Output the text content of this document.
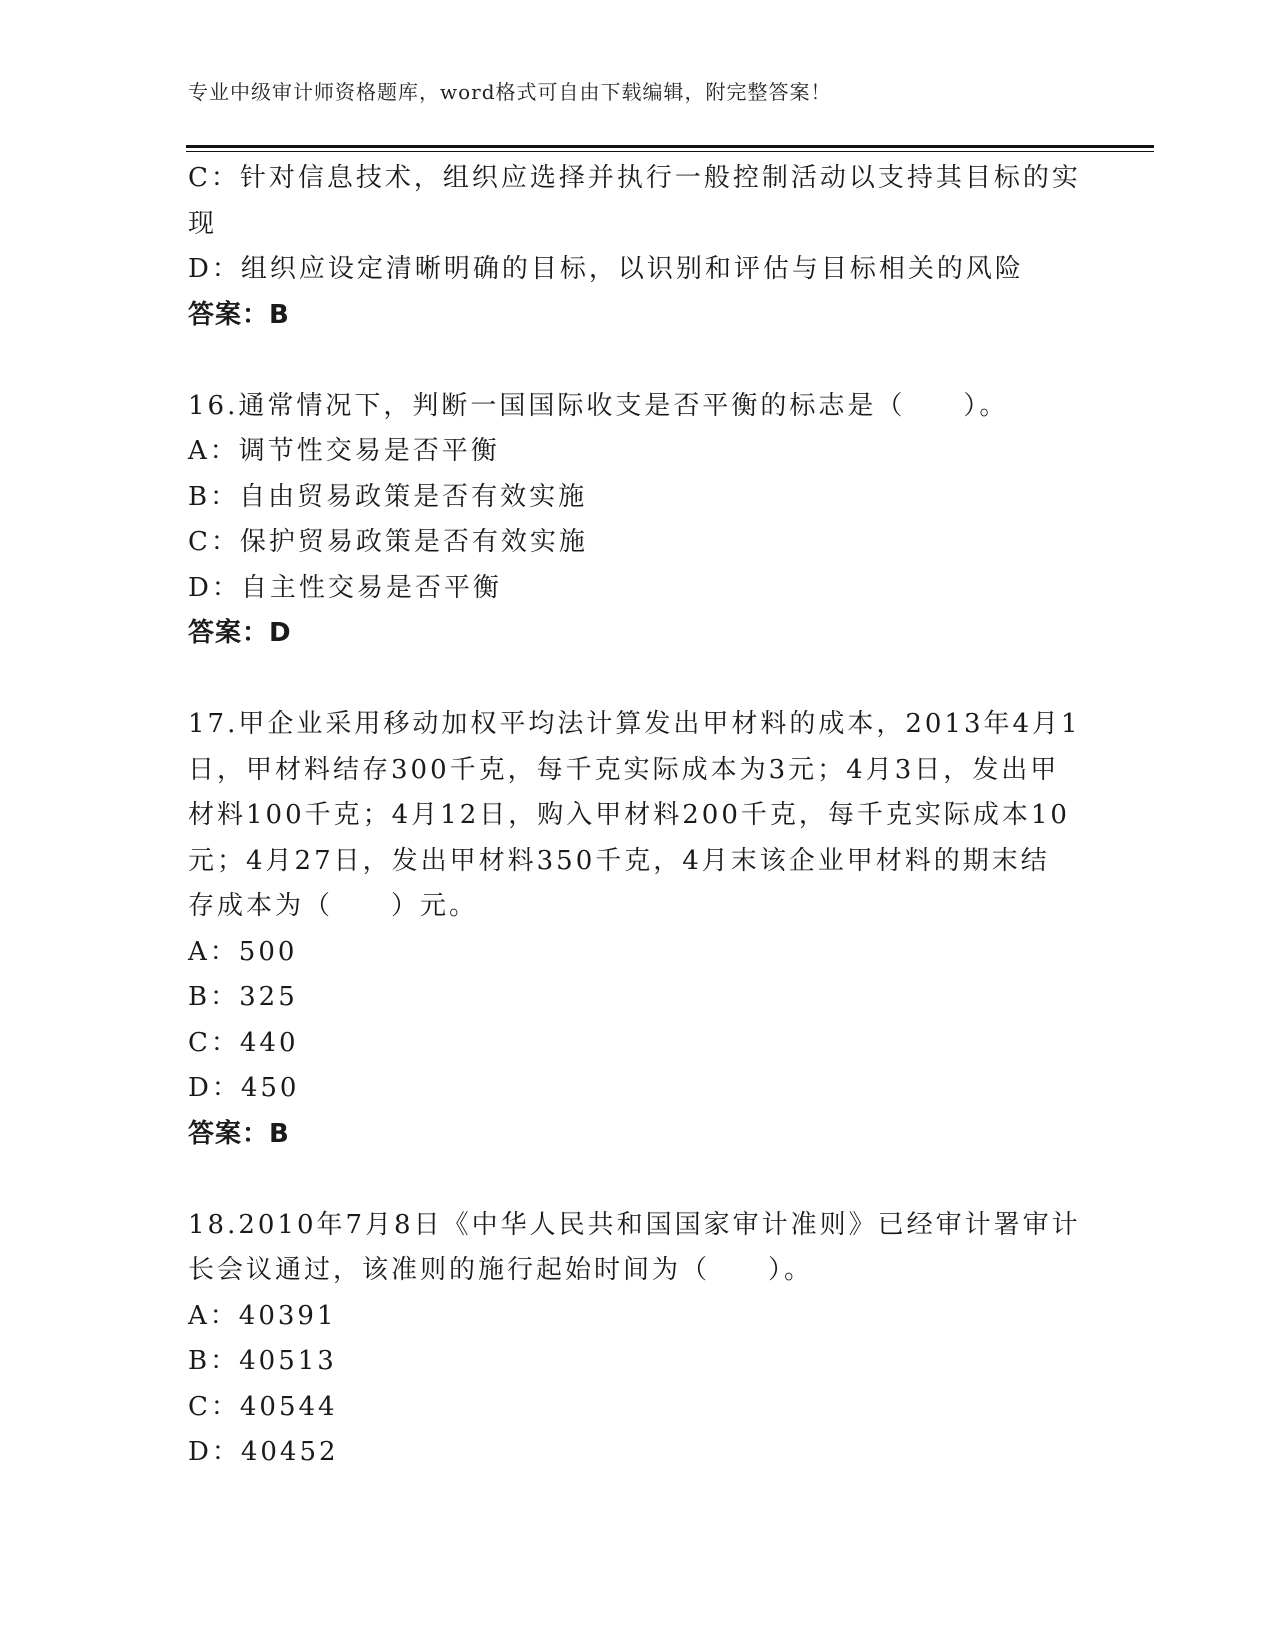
专业中级审计师资格题库，word格式可自由下载编辑，附完整答案！
C：针对信息技术，组织应选择并执行一般控制活动以支持其目标的实
现
D：组织应设定清晰明确的目标，以识别和评估与目标相关的风险
答案：B
16.通常情况下，判断一国国际收支是否平衡的标志是（　　）。
A：调节性交易是否平衡
B：自由贸易政策是否有效实施
C：保护贸易政策是否有效实施
D：自主性交易是否平衡
答案：D
17.甲企业采用移动加权平均法计算发出甲材料的成本，2013年4月1
日，甲材料结存300千克，每千克实际成本为3元；4月3日，发出甲
材料100千克；4月12日，购入甲材料200千克，每千克实际成本10
元；4月27日，发出甲材料350千克，4月末该企业甲材料的期末结
存成本为（　　）元。
A：500
B：325
C：440
D：450
答案：B
18.2010年7月8日《中华人民共和国国家审计准则》已经审计署审计
长会议通过，该准则的施行起始时间为（　　）。
A：40391
B：40513
C：40544
D：40452
